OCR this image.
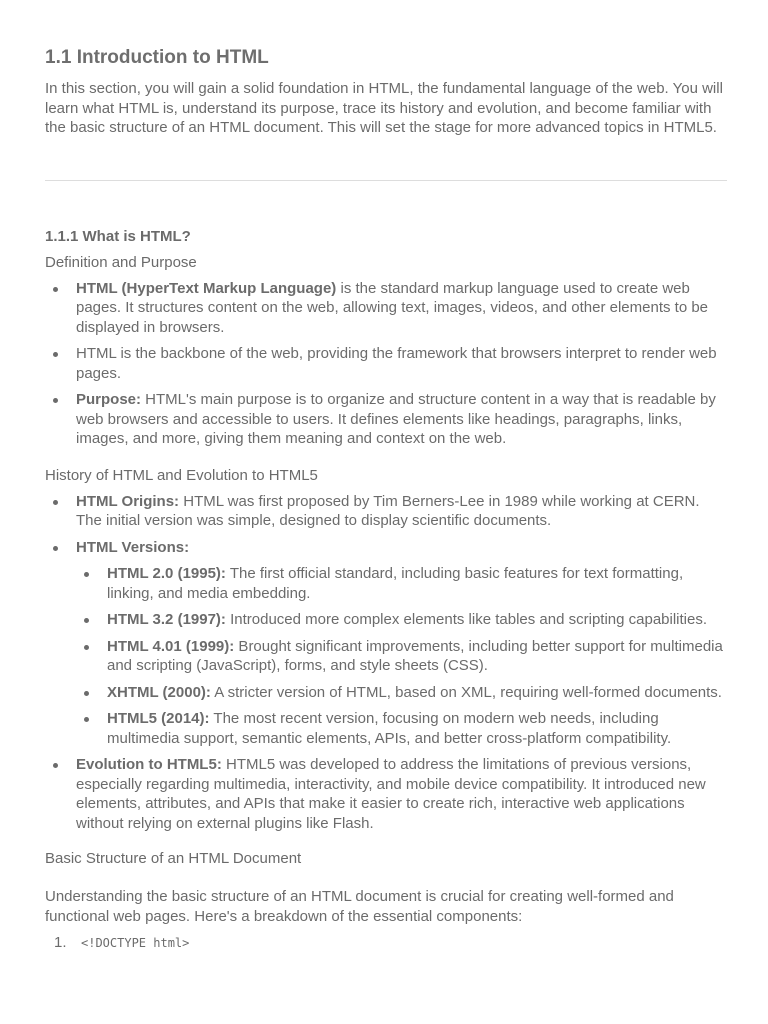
1.1 Introduction to HTML

In this section, you will gain a solid foundation in HTML, the fundamental language of the web. You will learn what HTML is, understand its purpose, trace its history and evolution, and become familiar with the basic structure of an HTML document. This will set the stage for more advanced topics in HTML5.

1.1.1 What is HTML?
Definition and Purpose
HTML (HyperText Markup Language) is the standard markup language used to create web pages. It structures content on the web, allowing text, images, videos, and other elements to be displayed in browsers.
HTML is the backbone of the web, providing the framework that browsers interpret to render web pages.
Purpose: HTML's main purpose is to organize and structure content in a way that is readable by web browsers and accessible to users. It defines elements like headings, paragraphs, links, images, and more, giving them meaning and context on the web.
History of HTML and Evolution to HTML5
HTML Origins: HTML was first proposed by Tim Berners-Lee in 1989 while working at CERN. The initial version was simple, designed to display scientific documents.
HTML Versions:
HTML 2.0 (1995): The first official standard, including basic features for text formatting, linking, and media embedding.
HTML 3.2 (1997): Introduced more complex elements like tables and scripting capabilities.
HTML 4.01 (1999): Brought significant improvements, including better support for multimedia and scripting (JavaScript), forms, and style sheets (CSS).
XHTML (2000): A stricter version of HTML, based on XML, requiring well-formed documents.
HTML5 (2014): The most recent version, focusing on modern web needs, including multimedia support, semantic elements, APIs, and better cross-platform compatibility.
Evolution to HTML5: HTML5 was developed to address the limitations of previous versions, especially regarding multimedia, interactivity, and mobile device compatibility. It introduced new elements, attributes, and APIs that make it easier to create rich, interactive web applications without relying on external plugins like Flash.
Basic Structure of an HTML Document

Understanding the basic structure of an HTML document is crucial for creating well-formed and functional web pages. Here's a breakdown of the essential components:

1. <!DOCTYPE html>
